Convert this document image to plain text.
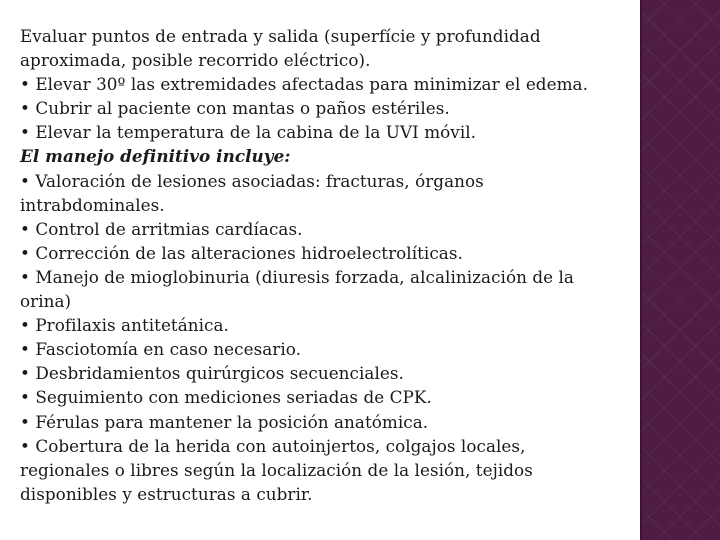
Evaluar puntos de entrada y salida (superfície y profundidad aproximada, posible recorrido eléctrico).

• Elevar 30º las extremidades afectadas para minimizar el edema.

• Cubrir al paciente con mantas o paños estériles.

• Elevar la temperatura de la cabina de la UVI móvil.

El manejo definitivo incluye:

• Valoración de lesiones asociadas: fracturas, órganos intrabdominales.

• Control de arritmias cardíacas.

• Corrección de las alteraciones hidroelectrolíticas.

• Manejo de mioglobinuria (diuresis forzada, alcalinización de la orina)

• Profilaxis antitetánica.

• Fasciotomía en caso necesario.

• Desbridamientos quirúrgicos secuenciales.

• Seguimiento con mediciones seriadas de CPK.

• Férulas para mantener la posición anatómica.

• Cobertura de la herida con autoinjertos, colgajos locales, regionales o libres según la localización de la lesión, tejidos disponibles y estructuras a cubrir.
